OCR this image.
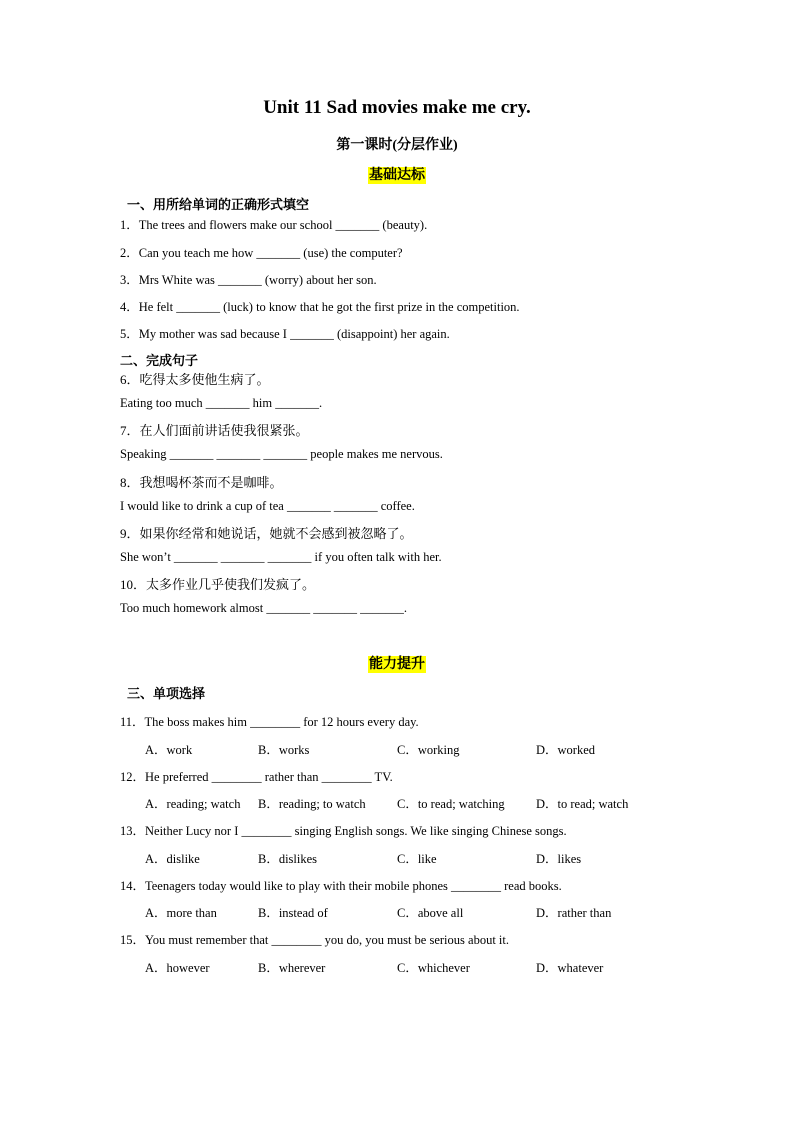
Unit 11 Sad movies make me cry.
第一课时(分层作业)
基础达标
一、用所给单词的正确形式填空
1．The trees and flowers make our school _______ (beauty).
2．Can you teach me how _______ (use) the computer?
3．Mrs White was _______ (worry) about her son.
4．He felt _______ (luck) to know that he got the first prize in the competition.
5．My mother was sad because I _______ (disappoint) her again.
二、完成句子
6．吃得太多使他生病了。
Eating too much _______ him _______.
7．在人们面前讲话使我很紧张。
Speaking _______ _______ _______ people makes me nervous.
8．我想喝杯茶而不是咖啡。
I would like to drink a cup of tea _______ _______ coffee.
9．如果你经常和她说话，她就不会感到被忽略了。
She won’t _______ _______ _______ if you often talk with her.
10．太多作业几乎使我们发疯了。
Too much homework almost _______ _______ _______.
能力提升
三、单项选择
11．The boss makes him ________ for 12 hours every day.
A．work	B．works	C．working	D．worked
12．He preferred ________ rather than ________ TV.
A．reading; watch B．reading; to watch	C．to read; watching	D．to read; watch
13．Neither Lucy nor I ________ singing English songs. We like singing Chinese songs.
A．dislike	B．dislikes	C．like	D．likes
14．Teenagers today would like to play with their mobile phones ________ read books.
A．more than	B．instead of	C．above all	D．rather than
15．You must remember that ________ you do, you must be serious about it.
A．however	B．wherever	C．whichever	D．whatever
